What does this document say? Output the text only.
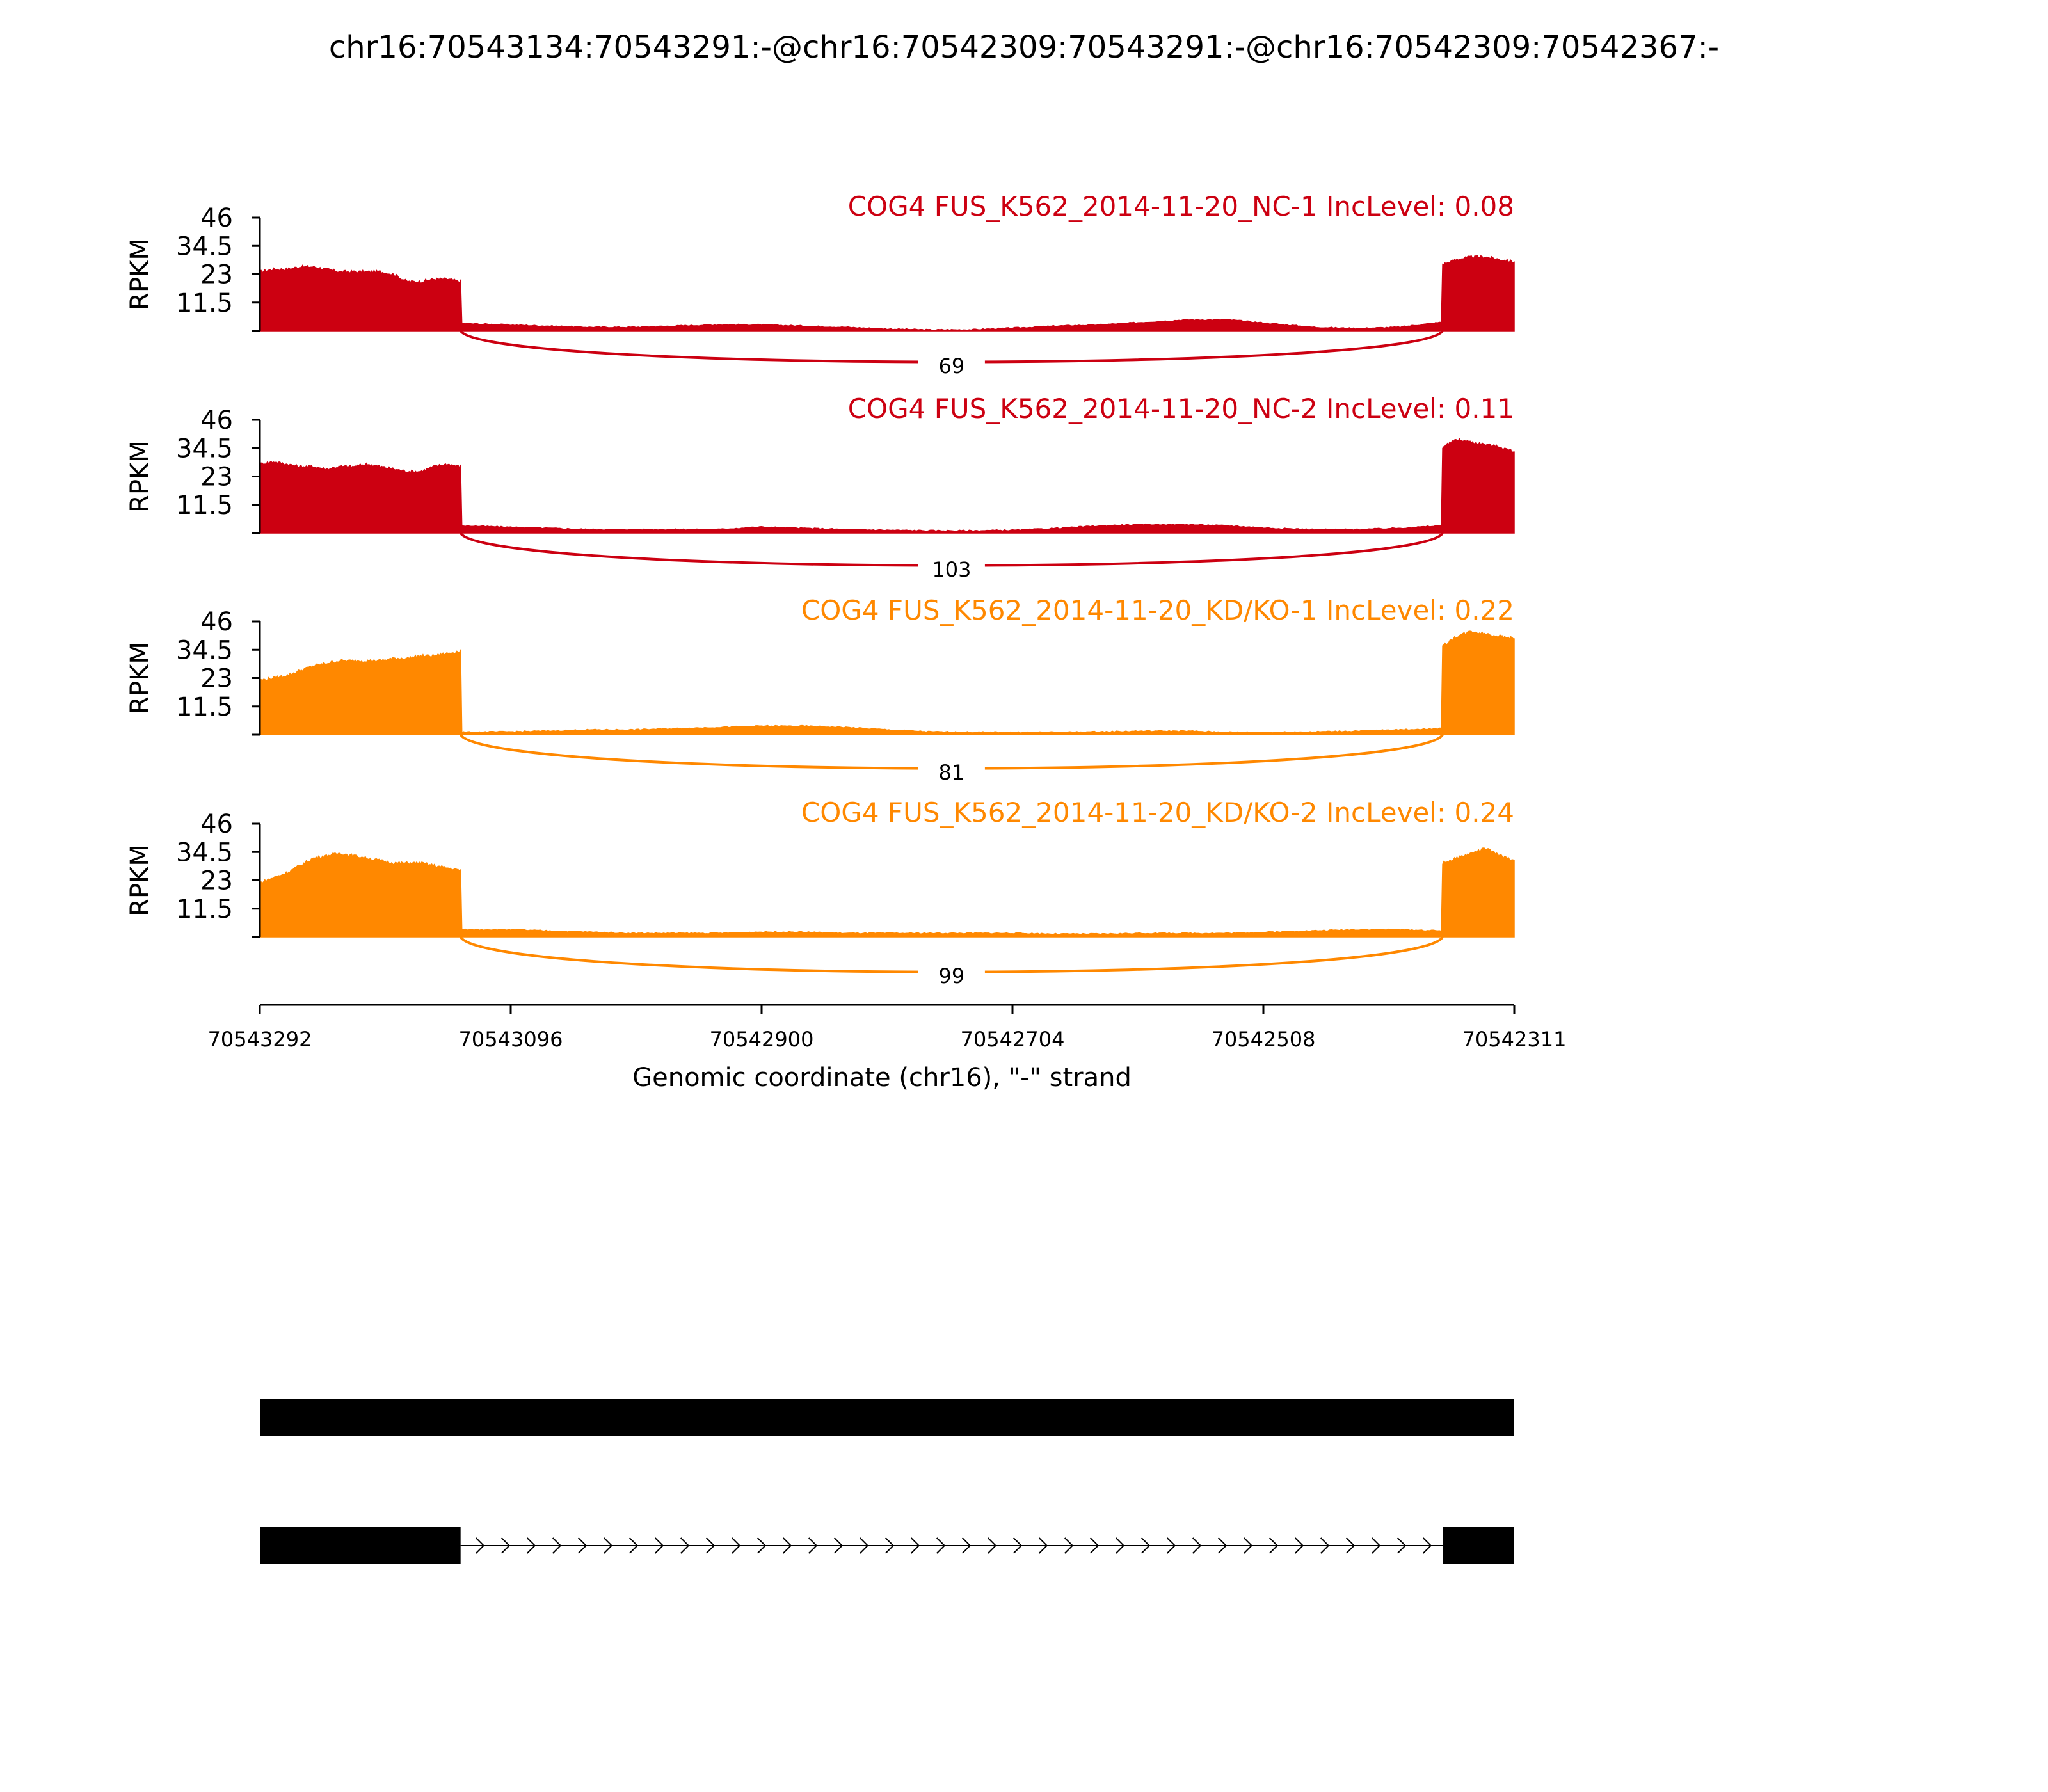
chr16:70543134:70543291:-@chr16:70542309:70543291:-@chr16:70542309:70542367:-
46
34.5
23
11.5
RPKM
COG4 FUS_K562_2014-11-20_NC-1 IncLevel: 0.08
69
46
34.5
23
11.5
RPKM
COG4 FUS_K562_2014-11-20_NC-2 IncLevel: 0.11
103
46
34.5
23
11.5
RPKM
COG4 FUS_K562_2014-11-20_KD/KO-1 IncLevel: 0.22
81
46
34.5
23
11.5
RPKM
COG4 FUS_K562_2014-11-20_KD/KO-2 IncLevel: 0.24
99
70543292	70543096	70542900	70542704	70542508	70542311
Genomic coordinate (chr16), "-" strand
